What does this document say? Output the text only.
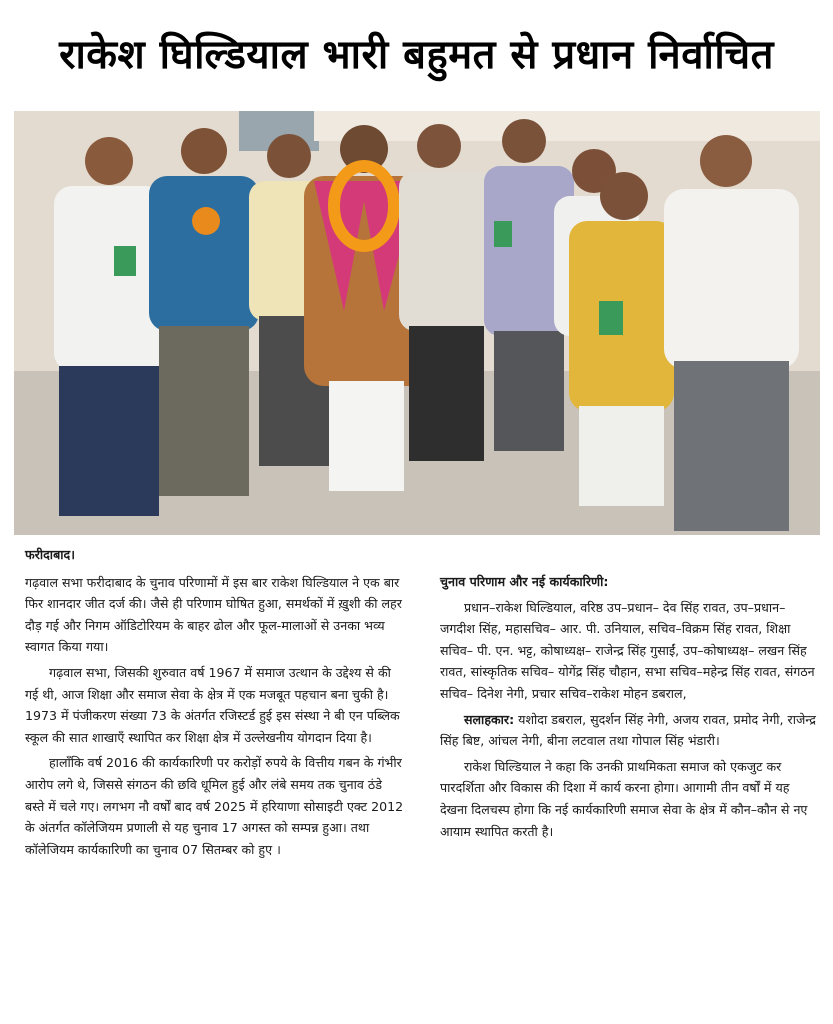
राकेश घिल्डियाल भारी बहुमत से प्रधान निर्वाचित

फरीदाबाद।

गढ़वाल सभा फरीदाबाद के चुनाव परिणामों में इस बार राकेश घिल्डियाल ने एक बार फिर शानदार जीत दर्ज की। जैसे ही परिणाम घोषित हुआ, समर्थकों में ख़ुशी की लहर दौड़ गई और निगम ऑडिटोरियम के बाहर ढोल और फूल-मालाओं से उनका भव्य स्वागत किया गया।

गढ़वाल सभा, जिसकी शुरुवात वर्ष 1967 में समाज उत्थान के उद्देश्य से की गई थी, आज शिक्षा और समाज सेवा के क्षेत्र में एक मजबूत पहचान बना चुकी है। 1973 में पंजीकरण संख्या 73 के अंतर्गत रजिस्टर्ड हुई इस संस्था ने बी एन पब्लिक स्कूल की सात शाखाएँ स्थापित कर शिक्षा क्षेत्र में उल्लेखनीय योगदान दिया है।

हालाँकि वर्ष 2016 की कार्यकारिणी पर करोड़ों रुपये के वित्तीय गबन के गंभीर आरोप लगे थे, जिससे संगठन की छवि धूमिल हुई और लंबे समय तक चुनाव ठंडे बस्ते में चले गए। लगभग नौ वर्षों बाद वर्ष 2025 में हरियाणा सोसाइटी एक्ट 2012 के अंतर्गत कॉलेजियम प्रणाली से यह चुनाव 17 अगस्त को सम्पन्न हुआ। तथा कॉलेजियम कार्यकारिणी का चुनाव 07 सितम्बर को हुए ।

चुनाव परिणाम और नई कार्यकारिणी:

प्रधान–राकेश घिल्डियाल, वरिष्ठ उप–प्रधान– देव सिंह रावत, उप–प्रधान– जगदीश सिंह, महासचिव– आर. पी. उनियाल, सचिव–विक्रम सिंह रावत, शिक्षा सचिव– पी. एन. भट्ट, कोषाध्यक्ष– राजेन्द्र सिंह गुसाईं, उप–कोषाध्यक्ष– लखन सिंह रावत, सांस्कृतिक सचिव– योगेंद्र सिंह चौहान, सभा सचिव–महेन्द्र सिंह रावत, संगठन सचिव– दिनेश नेगी, प्रचार सचिव–राकेश मोहन डबराल,

सलाहकार: यशोदा डबराल, सुदर्शन सिंह नेगी, अजय रावत, प्रमोद नेगी, राजेन्द्र सिंह बिष्ट, आंचल नेगी, बीना लटवाल तथा गोपाल सिंह भंडारी।

राकेश घिल्डियाल ने कहा कि उनकी प्राथमिकता समाज को एकजुट कर पारदर्शिता और विकास की दिशा में कार्य करना होगा। आगामी तीन वर्षों में यह देखना दिलचस्प होगा कि नई कार्यकारिणी समाज सेवा के क्षेत्र में कौन–कौन से नए आयाम स्थापित करती है।
